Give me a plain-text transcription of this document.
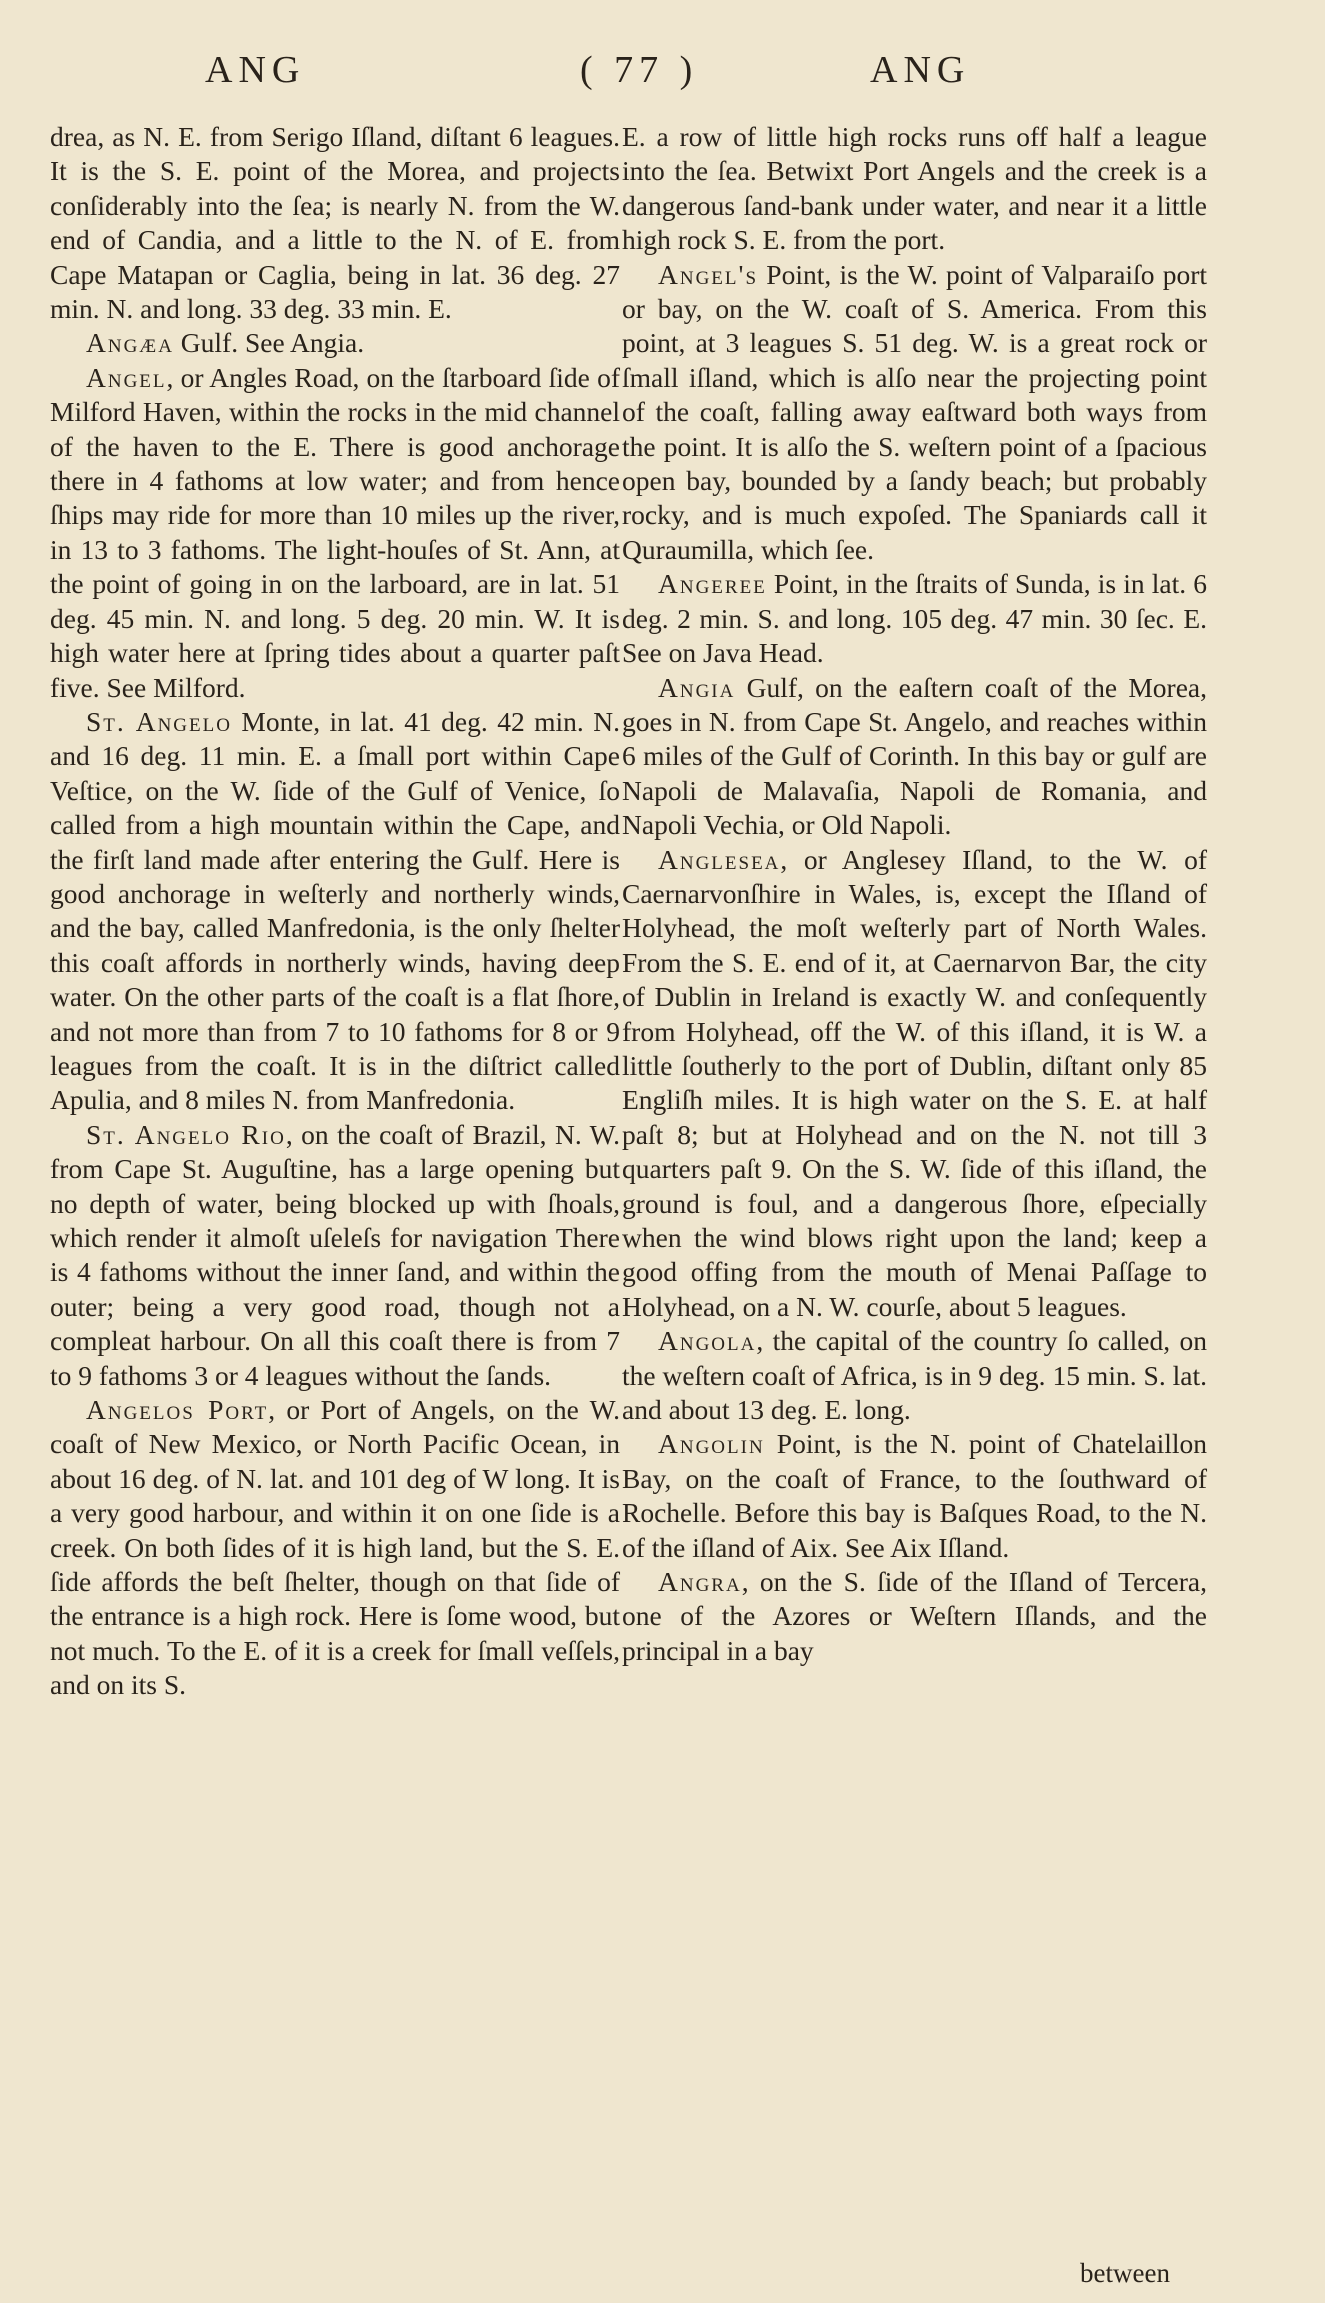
ANG	( 77 )	ANG

drea, as N. E. from Serigo Iſland, diſtant 6 leagues. It is the S. E. point of the Morea, and projects conſiderably into the ſea; is nearly N. from the W. end of Candia, and a little to the N. of E. from Cape Matapan or Caglia, being in lat. 36 deg. 27 min. N. and long. 33 deg. 33 min. E.

Angæa Gulf. See Angia.

Angel, or Angles Road, on the ſtarboard ſide of Milford Haven, within the rocks in the mid channel of the haven to the E. There is good anchorage there in 4 fathoms at low water; and from hence ſhips may ride for more than 10 miles up the river, in 13 to 3 fathoms. The light-houſes of St. Ann, at the point of going in on the larboard, are in lat. 51 deg. 45 min. N. and long. 5 deg. 20 min. W. It is high water here at ſpring tides about a quarter paſt five. See Milford.

St. Angelo Monte, in lat. 41 deg. 42 min. N. and 16 deg. 11 min. E. a ſmall port within Cape Veſtice, on the W. ſide of the Gulf of Venice, ſo called from a high mountain within the Cape, and the firſt land made after entering the Gulf. Here is good anchorage in weſterly and northerly winds, and the bay, called Manfredonia, is the only ſhelter this coaſt affords in northerly winds, having deep water. On the other parts of the coaſt is a flat ſhore, and not more than from 7 to 10 fathoms for 8 or 9 leagues from the coaſt. It is in the diſtrict called Apulia, and 8 miles N. from Manfredonia.

St. Angelo Rio, on the coaſt of Brazil, N. W. from Cape St. Auguſtine, has a large opening but no depth of water, being blocked up with ſhoals, which render it almoſt uſeleſs for navigation There is 4 fathoms without the inner ſand, and within the outer; being a very good road, though not a compleat harbour. On all this coaſt there is from 7 to 9 fathoms 3 or 4 leagues without the ſands.

Angelos Port, or Port of Angels, on the W. coaſt of New Mexico, or North Pacific Ocean, in about 16 deg. of N. lat. and 101 deg of W long. It is a very good harbour, and within it on one ſide is a creek. On both ſides of it is high land, but the S. E. ſide affords the beſt ſhelter, though on that ſide of the entrance is a high rock. Here is ſome wood, but not much. To the E. of it is a creek for ſmall veſſels, and on its S.

E. a row of little high rocks runs off half a league into the ſea. Betwixt Port Angels and the creek is a dangerous ſand-bank under water, and near it a little high rock S. E. from the port.

Angel's Point, is the W. point of Valparaiſo port or bay, on the W. coaſt of S. America. From this point, at 3 leagues S. 51 deg. W. is a great rock or ſmall iſland, which is alſo near the projecting point of the coaſt, falling away eaſtward both ways from the point. It is alſo the S. weſtern point of a ſpacious open bay, bounded by a ſandy beach; but probably rocky, and is much expoſed. The Spaniards call it Quraumilla, which ſee.

Angeree Point, in the ſtraits of Sunda, is in lat. 6 deg. 2 min. S. and long. 105 deg. 47 min. 30 ſec. E. See on Java Head.

Angia Gulf, on the eaſtern coaſt of the Morea, goes in N. from Cape St. Angelo, and reaches within 6 miles of the Gulf of Corinth. In this bay or gulf are Napoli de Malavaſia, Napoli de Romania, and Napoli Vechia, or Old Napoli.

Anglesea, or Anglesey Iſland, to the W. of Caernarvonſhire in Wales, is, except the Iſland of Holyhead, the moſt weſterly part of North Wales. From the S. E. end of it, at Caernarvon Bar, the city of Dublin in Ireland is exactly W. and conſequently from Holyhead, off the W. of this iſland, it is W. a little ſoutherly to the port of Dublin, diſtant only 85 Engliſh miles. It is high water on the S. E. at half paſt 8; but at Holyhead and on the N. not till 3 quarters paſt 9. On the S. W. ſide of this iſland, the ground is foul, and a dangerous ſhore, eſpecially when the wind blows right upon the land; keep a good offing from the mouth of Menai Paſſage to Holyhead, on a N. W. courſe, about 5 leagues.

Angola, the capital of the country ſo called, on the weſtern coaſt of Africa, is in 9 deg. 15 min. S. lat. and about 13 deg. E. long.

Angolin Point, is the N. point of Chatelaillon Bay, on the coaſt of France, to the ſouthward of Rochelle. Before this bay is Baſques Road, to the N. of the iſland of Aix. See Aix Iſland.

Angra, on the S. ſide of the Iſland of Tercera, one of the Azores or Weſtern Iſlands, and the principal in a bay

between
